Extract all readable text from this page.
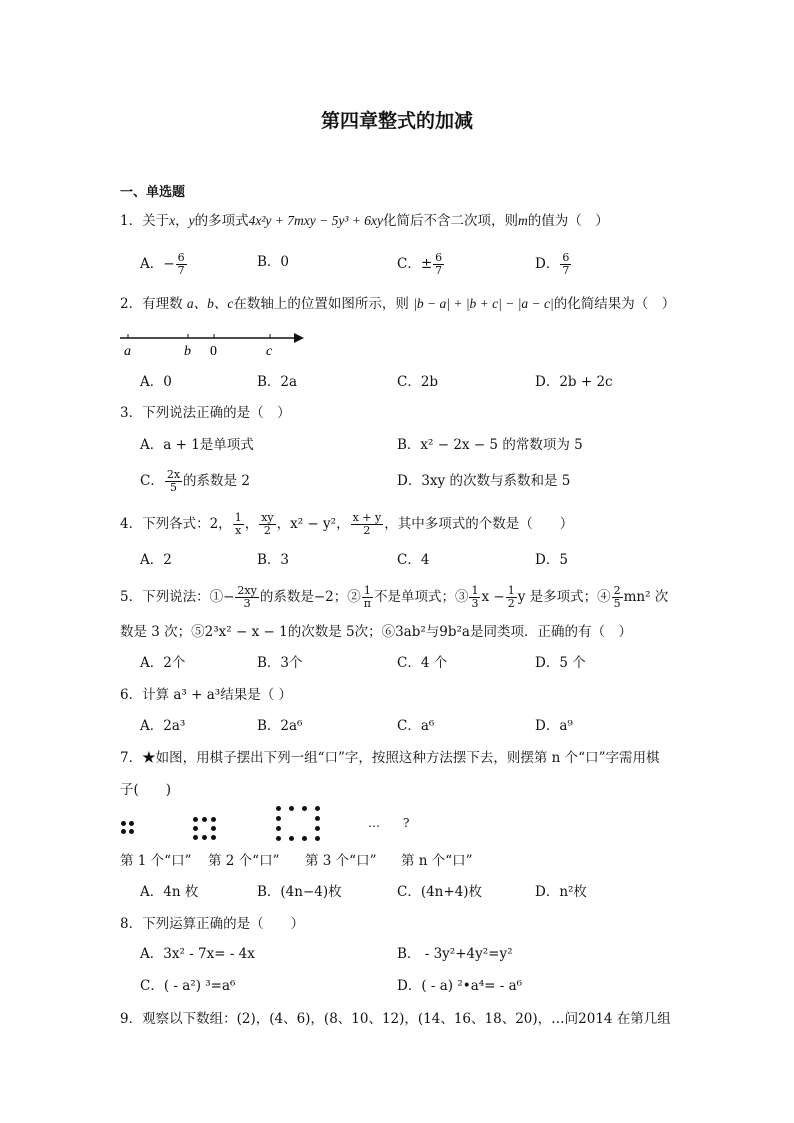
第四章整式的加减
一、单选题
1．关于x，y的多项式4x²y + 7mxy − 5y³ + 6xy化简后不含二次项，则m的值为（　）
A．− $\frac{6}{7}$	B．0	C．± $\frac{6}{7}$	D． $\frac{6}{7}$
2．有理数 a、b、c在数轴上的位置如图所示，则 |b − a| + |b + c| − |a − c|的化简结果为（　）
a	b 0	c
A．0	B．2a	C．2b	D．2b + 2c
3．下列说法正确的是（　）
A．a + 1是单项式	B．x² − 2x − 5 的常数项为 5
C． $\frac{2x}{5}$ 的系数是 2	D．3xy 的次数与系数和是 5
4．下列各式：2， $\frac{1}{x}$ ， $\frac{xy}{2}$ ，x² − y²， $\frac{x + y}{2}$ ，其中多项式的个数是（　　）
A．2	B．3	C．4	D．5
5．下列说法：①− $\frac{2xy}{3}$ 的系数是−2；② $\frac{1}{\pi}$ 不是单项式；③ $\frac{1}{3}$ $x - \frac{1}{2}$ y 是多项式；④ $\frac{2}{5} mn^2$ 次
数是 3 次；⑤2³x² − x − 1的次数是 5次；⑥3ab²与9b²a是同类项．正确的有（　）
A．2个	B．3个	C．4 个	D．5 个
6．计算 a³ + a³结果是（ ）
A．2a³	B．2a⁶	C．a⁶	D．a⁹
7．★如图，用棋子摆出下列一组“口”字，按照这种方法摆下去，则摆第 n 个“口”字需用棋
子(　　)
… ?
第 1 个“口” 第 2 个“口” 第 3 个“口” 第 n 个“口”
A．4n 枚	B．(4n−4)枚	C．(4n+4)枚	D．n²枚
8．下列运算正确的是（　　）
A．3x² - 7x= - 4x	B． - 3y²+4y²=y²
C．( - a²) ³=a⁶	D．( - a) ²•a⁴= - a⁶
9．观察以下数组：(2)，(4、6)，(8、10、12)，(14、16、18、20)，…问2014 在第几组
